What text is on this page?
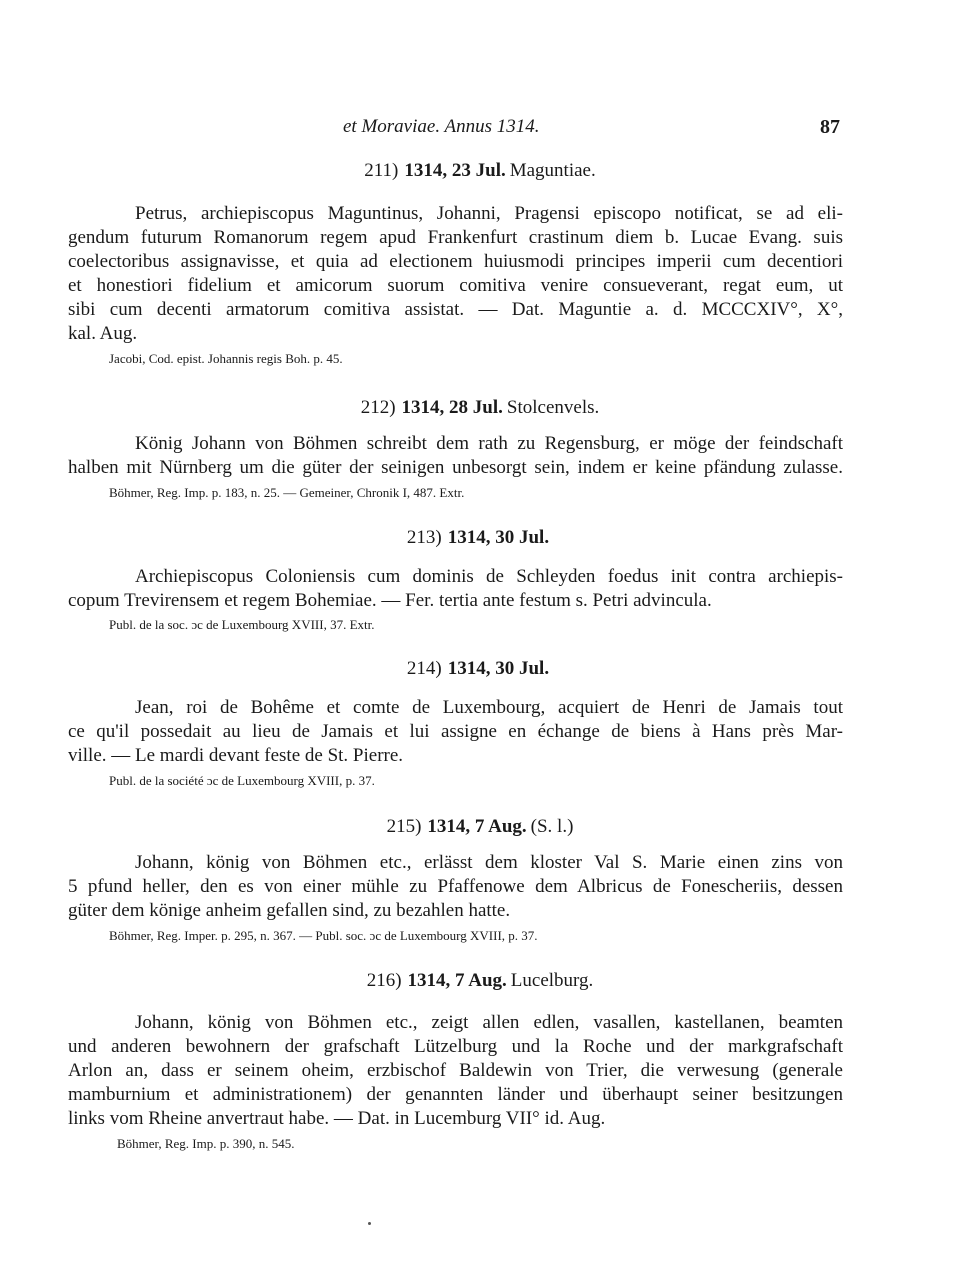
et Moraviae. Annus 1314.	87
211) 1314, 23 Jul. Maguntiae.
Petrus, archiepiscopus Maguntinus, Johanni, Pragensi episcopo notificat, se ad eli-
gendum futurum Romanorum regem apud Frankenfurt crastinum diem b. Lucae Evang. suis
coelectoribus assignavisse, et quia ad electionem huiusmodi principes imperii cum decentiori
et honestiori fidelium et amicorum suorum comitiva venire consueverant, regat eum, ut
sibi cum decenti armatorum comitiva assistat. — Dat. Maguntie a. d. MCCCXIV°, X°,
kal. Aug.
Jacobi, Cod. epist. Johannis regis Boh. p. 45.
212) 1314, 28 Jul. Stolcenvels.
König Johann von Böhmen schreibt dem rath zu Regensburg, er möge der feindschaft
halben mit Nürnberg um die güter der seinigen unbesorgt sein, indem er keine pfändung zulasse.
Böhmer, Reg. Imp. p. 183, n. 25. — Gemeiner, Chronik I, 487. Extr.
213) 1314, 30 Jul.
Archiepiscopus Coloniensis cum dominis de Schleyden foedus init contra archiepis-
copum Trevirensem et regem Bohemiae. — Fer. tertia ante festum s. Petri advincula.
Publ. de la soc. ɔc de Luxembourg XVIII, 37. Extr.
214) 1314, 30 Jul.
Jean, roi de Bohême et comte de Luxembourg, acquiert de Henri de Jamais tout
ce qu'il possedait au lieu de Jamais et lui assigne en échange de biens à Hans près Mar-
ville. — Le mardi devant feste de St. Pierre.
Publ. de la société ɔc de Luxembourg XVIII, p. 37.
215) 1314, 7 Aug. (S. l.)
Johann, könig von Böhmen etc., erlässt dem kloster Val S. Marie einen zins von
5 pfund heller, den es von einer mühle zu Pfaffenowe dem Albricus de Fonescheriis, dessen
güter dem könige anheim gefallen sind, zu bezahlen hatte.
Böhmer, Reg. Imper. p. 295, n. 367. — Publ. soc. ɔc de Luxembourg XVIII, p. 37.
216) 1314, 7 Aug. Lucelburg.
Johann, könig von Böhmen etc., zeigt allen edlen, vasallen, kastellanen, beamten
und anderen bewohnern der grafschaft Lützelburg und la Roche und der markgrafschaft
Arlon an, dass er seinem oheim, erzbischof Baldewin von Trier, die verwesung (generale
mamburnium et administrationem) der genannten länder und überhaupt seiner besitzungen
links vom Rheine anvertraut habe. — Dat. in Lucemburg VII° id. Aug.
Böhmer, Reg. Imp. p. 390, n. 545.
